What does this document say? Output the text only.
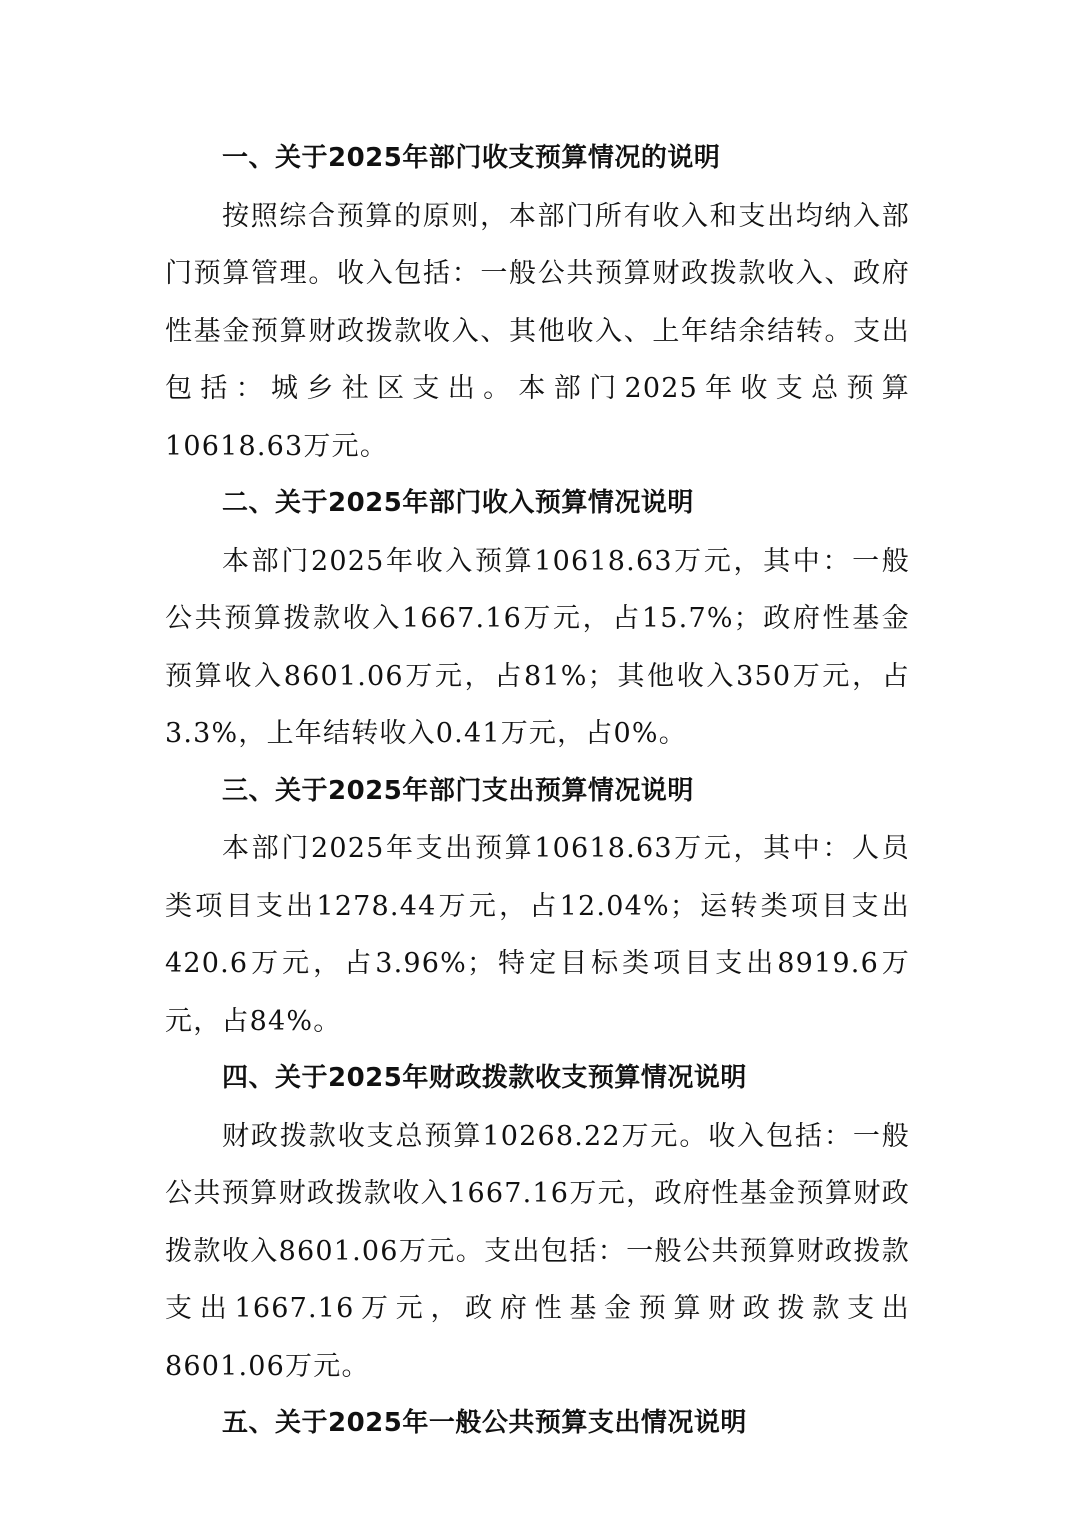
一、关于2025年部门收支预算情况的说明

按照综合预算的原则，本部门所有收入和支出均纳入部门预算管理。收入包括：一般公共预算财政拨款收入、政府性基金预算财政拨款收入、其他收入、上年结余结转。支出包括：城乡社区支出。本部门2025年收支总预算10618.63万元。

二、关于2025年部门收入预算情况说明

本部门2025年收入预算10618.63万元，其中：一般公共预算拨款收入1667.16万元，占15.7%；政府性基金预算收入8601.06万元，占81%；其他收入350万元，占3.3%，上年结转收入0.41万元，占0%。

三、关于2025年部门支出预算情况说明

本部门2025年支出预算10618.63万元，其中：人员类项目支出1278.44万元，占12.04%；运转类项目支出420.6万元，占3.96%；特定目标类项目支出8919.6万元，占84%。

四、关于2025年财政拨款收支预算情况说明

财政拨款收支总预算10268.22万元。收入包括：一般公共预算财政拨款收入1667.16万元，政府性基金预算财政拨款收入8601.06万元。支出包括：一般公共预算财政拨款支出1667.16万元，政府性基金预算财政拨款支出8601.06万元。

五、关于2025年一般公共预算支出情况说明
